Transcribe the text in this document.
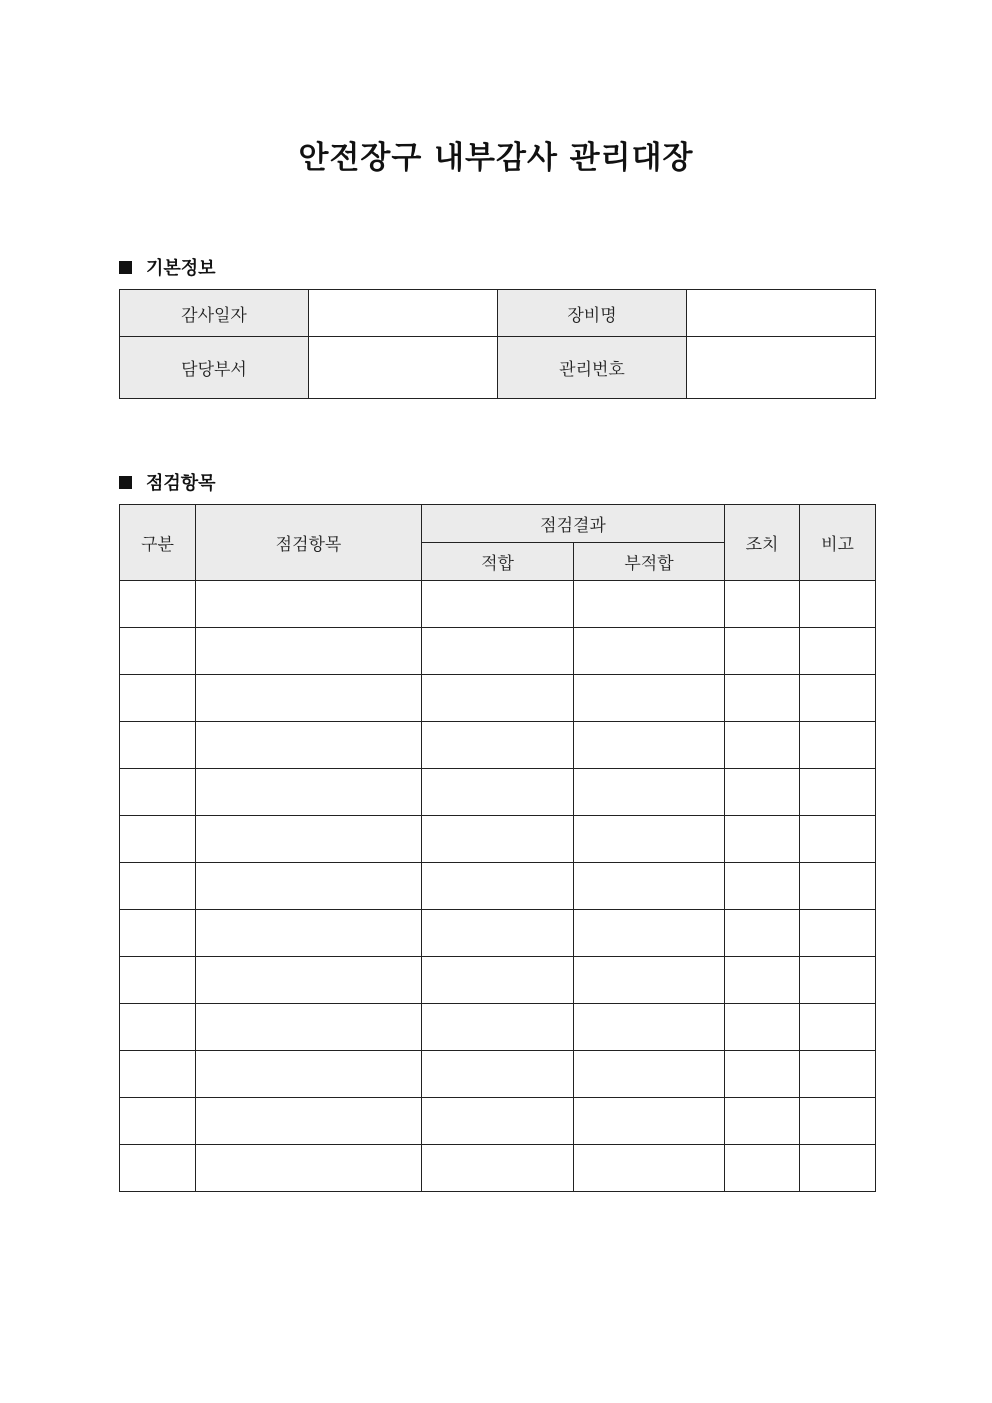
안전장구 내부감사 관리대장
기본정보
감사일자		장비명	
담당부서		관리번호	
점검항목
구분	점검항목	점검결과		조치	비고
		적합	부적합		
